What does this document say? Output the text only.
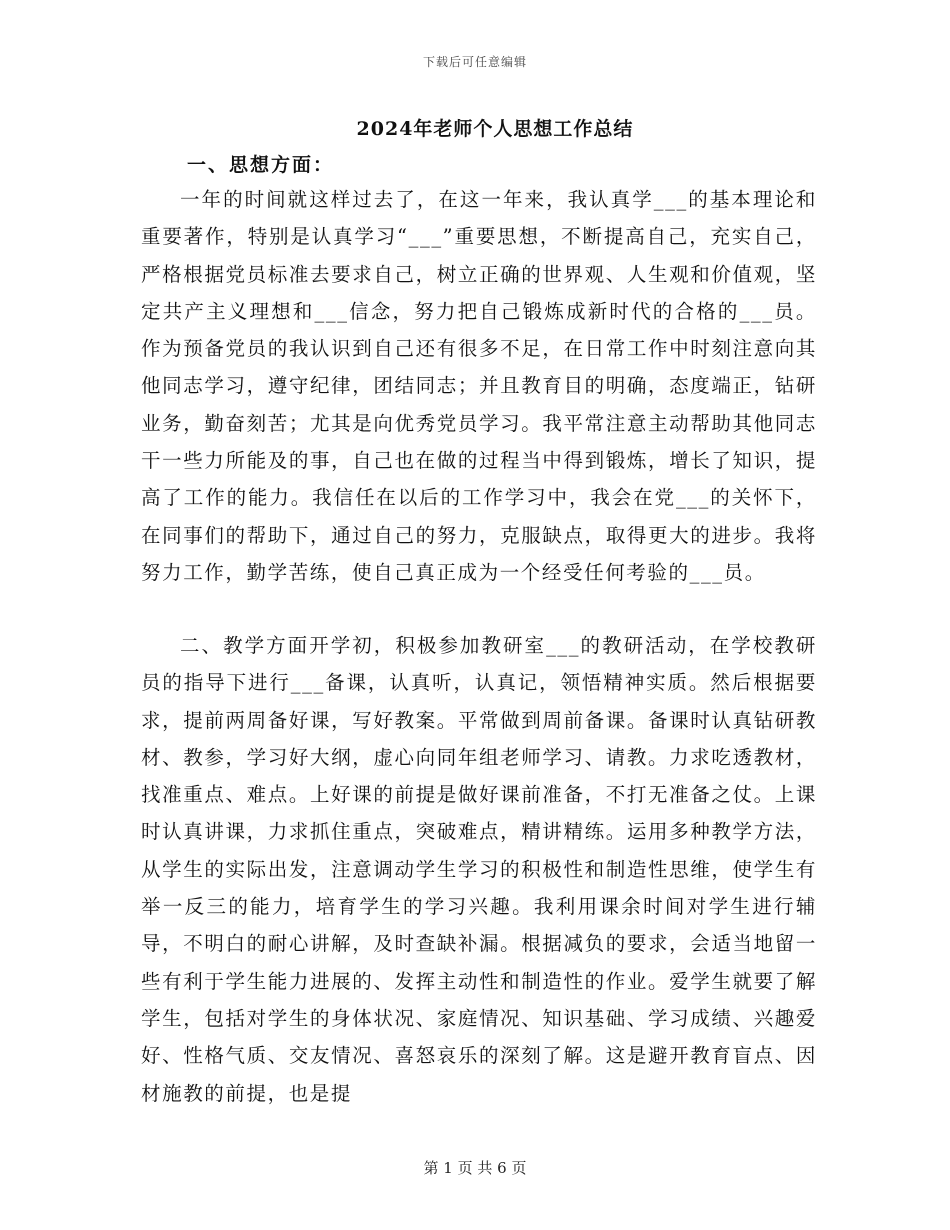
下载后可任意编辑
2024年老师个人思想工作总结
一、思想方面：

一年的时间就这样过去了，在这一年来，我认真学___的基本理论和重要著作，特别是认真学习“___”重要思想，不断提高自己，充实自己，严格根据党员标准去要求自己，树立正确的世界观、人生观和价值观，坚定共产主义理想和___信念，努力把自己锻炼成新时代的合格的___员。作为预备党员的我认识到自己还有很多不足，在日常工作中时刻注意向其他同志学习，遵守纪律，团结同志；并且教育目的明确，态度端正，钻研业务，勤奋刻苦；尤其是向优秀党员学习。我平常注意主动帮助其他同志干一些力所能及的事，自己也在做的过程当中得到锻炼，增长了知识，提高了工作的能力。我信任在以后的工作学习中，我会在党___的关怀下，在同事们的帮助下，通过自己的努力，克服缺点，取得更大的进步。我将努力工作，勤学苦练，使自己真正成为一个经受任何考验的___员。

二、教学方面开学初，积极参加教研室___的教研活动，在学校教研员的指导下进行___备课，认真听，认真记，领悟精神实质。然后根据要求，提前两周备好课，写好教案。平常做到周前备课。备课时认真钻研教材、教参，学习好大纲，虚心向同年组老师学习、请教。力求吃透教材，找准重点、难点。上好课的前提是做好课前准备，不打无准备之仗。上课时认真讲课，力求抓住重点，突破难点，精讲精练。运用多种教学方法，从学生的实际出发，注意调动学生学习的积极性和制造性思维，使学生有举一反三的能力，培育学生的学习兴趣。我利用课余时间对学生进行辅导，不明白的耐心讲解，及时查缺补漏。根据减负的要求，会适当地留一些有利于学生能力进展的、发挥主动性和制造性的作业。爱学生就要了解学生，包括对学生的身体状况、家庭情况、知识基础、学习成绩、兴趣爱好、性格气质、交友情况、喜怒哀乐的深刻了解。这是避开教育盲点、因材施教的前提，也是提

第 1 页 共 6 页
